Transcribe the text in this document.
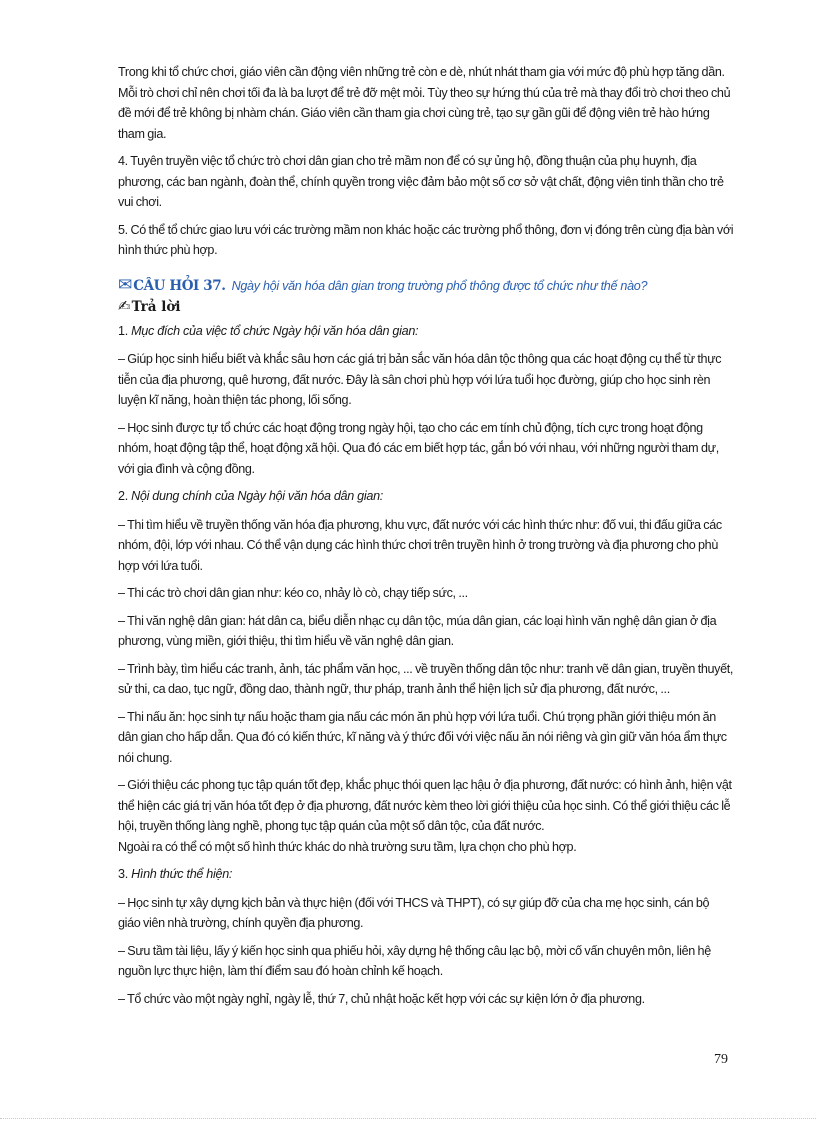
Trong khi tổ chức chơi, giáo viên cần động viên những trẻ còn e dè, nhút nhát tham gia với mức độ phù hợp tăng dần. Mỗi trò chơi chỉ nên chơi tối đa là ba lượt để trẻ đỡ mệt mỏi. Tùy theo sự hứng thú của trẻ mà thay đổi trò chơi theo chủ đề mới để trẻ không bị nhàm chán. Giáo viên cần tham gia chơi cùng trẻ, tạo sự gần gũi để động viên trẻ hào hứng tham gia.

4. Tuyên truyền việc tổ chức trò chơi dân gian cho trẻ mầm non để có sự ủng hộ, đồng thuận của phụ huynh, địa phương, các ban ngành, đoàn thể, chính quyền trong việc đảm bảo một số cơ sở vật chất, động viên tinh thần cho trẻ vui chơi.

5. Có thể tổ chức giao lưu với các trường mầm non khác hoặc các trường phổ thông, đơn vị đóng trên cùng địa bàn với hình thức phù hợp.

✉ CÂU HỎI 37. Ngày hội văn hóa dân gian trong trường phổ thông được tổ chức như thế nào?
✍ Trả lời
1. Mục đích của việc tổ chức Ngày hội văn hóa dân gian:

– Giúp học sinh hiểu biết và khắc sâu hơn các giá trị bản sắc văn hóa dân tộc thông qua các hoạt động cụ thể từ thực tiễn của địa phương, quê hương, đất nước. Đây là sân chơi phù hợp với lứa tuổi học đường, giúp cho học sinh rèn luyện kĩ năng, hoàn thiện tác phong, lối sống.

– Học sinh được tự tổ chức các hoạt động trong ngày hội, tạo cho các em tính chủ động, tích cực trong hoạt động nhóm, hoạt động tập thể, hoạt động xã hội. Qua đó các em biết hợp tác, gắn bó với nhau, với những người tham dự, với gia đình và cộng đồng.

2. Nội dung chính của Ngày hội văn hóa dân gian:

– Thi tìm hiểu về truyền thống văn hóa địa phương, khu vực, đất nước với các hình thức như: đố vui, thi đấu giữa các nhóm, đội, lớp với nhau. Có thể vận dụng các hình thức chơi trên truyền hình ở trong trường và địa phương cho phù hợp với lứa tuổi.

– Thi các trò chơi dân gian như: kéo co, nhảy lò cò, chạy tiếp sức, ...

– Thi văn nghệ dân gian: hát dân ca, biểu diễn nhạc cụ dân tộc, múa dân gian, các loại hình văn nghệ dân gian ở địa phương, vùng miền, giới thiệu, thi tìm hiểu về văn nghệ dân gian.

– Trình bày, tìm hiểu các tranh, ảnh, tác phẩm văn học, ... về truyền thống dân tộc như: tranh vẽ dân gian, truyền thuyết, sử thi, ca dao, tục ngữ, đồng dao, thành ngữ, thư pháp, tranh ảnh thể hiện lịch sử địa phương, đất nước, ...

– Thi nấu ăn: học sinh tự nấu hoặc tham gia nấu các món ăn phù hợp với lứa tuổi. Chú trọng phần giới thiệu món ăn dân gian cho hấp dẫn. Qua đó có kiến thức, kĩ năng và ý thức đối với việc nấu ăn nói riêng và gìn giữ văn hóa ẩm thực nói chung.

– Giới thiệu các phong tục tập quán tốt đẹp, khắc phục thói quen lạc hậu ở địa phương, đất nước: có hình ảnh, hiện vật thể hiện các giá trị văn hóa tốt đẹp ở địa phương, đất nước kèm theo lời giới thiệu của học sinh. Có thể giới thiệu các lễ hội, truyền thống làng nghề, phong tục tập quán của một số dân tộc, của đất nước.

Ngoài ra có thể có một số hình thức khác do nhà trường sưu tầm, lựa chọn cho phù hợp.

3. Hình thức thể hiện:

– Học sinh tự xây dựng kịch bản và thực hiện (đối với THCS và THPT), có sự giúp đỡ của cha mẹ học sinh, cán bộ giáo viên nhà trường, chính quyền địa phương.

– Sưu tầm tài liệu, lấy ý kiến học sinh qua phiếu hỏi, xây dựng hệ thống câu lạc bộ, mời cố vấn chuyên môn, liên hệ nguồn lực thực hiện, làm thí điểm sau đó hoàn chỉnh kế hoạch.

– Tổ chức vào một ngày nghỉ, ngày lễ, thứ 7, chủ nhật hoặc kết hợp với các sự kiện lớn ở địa phương.

79
